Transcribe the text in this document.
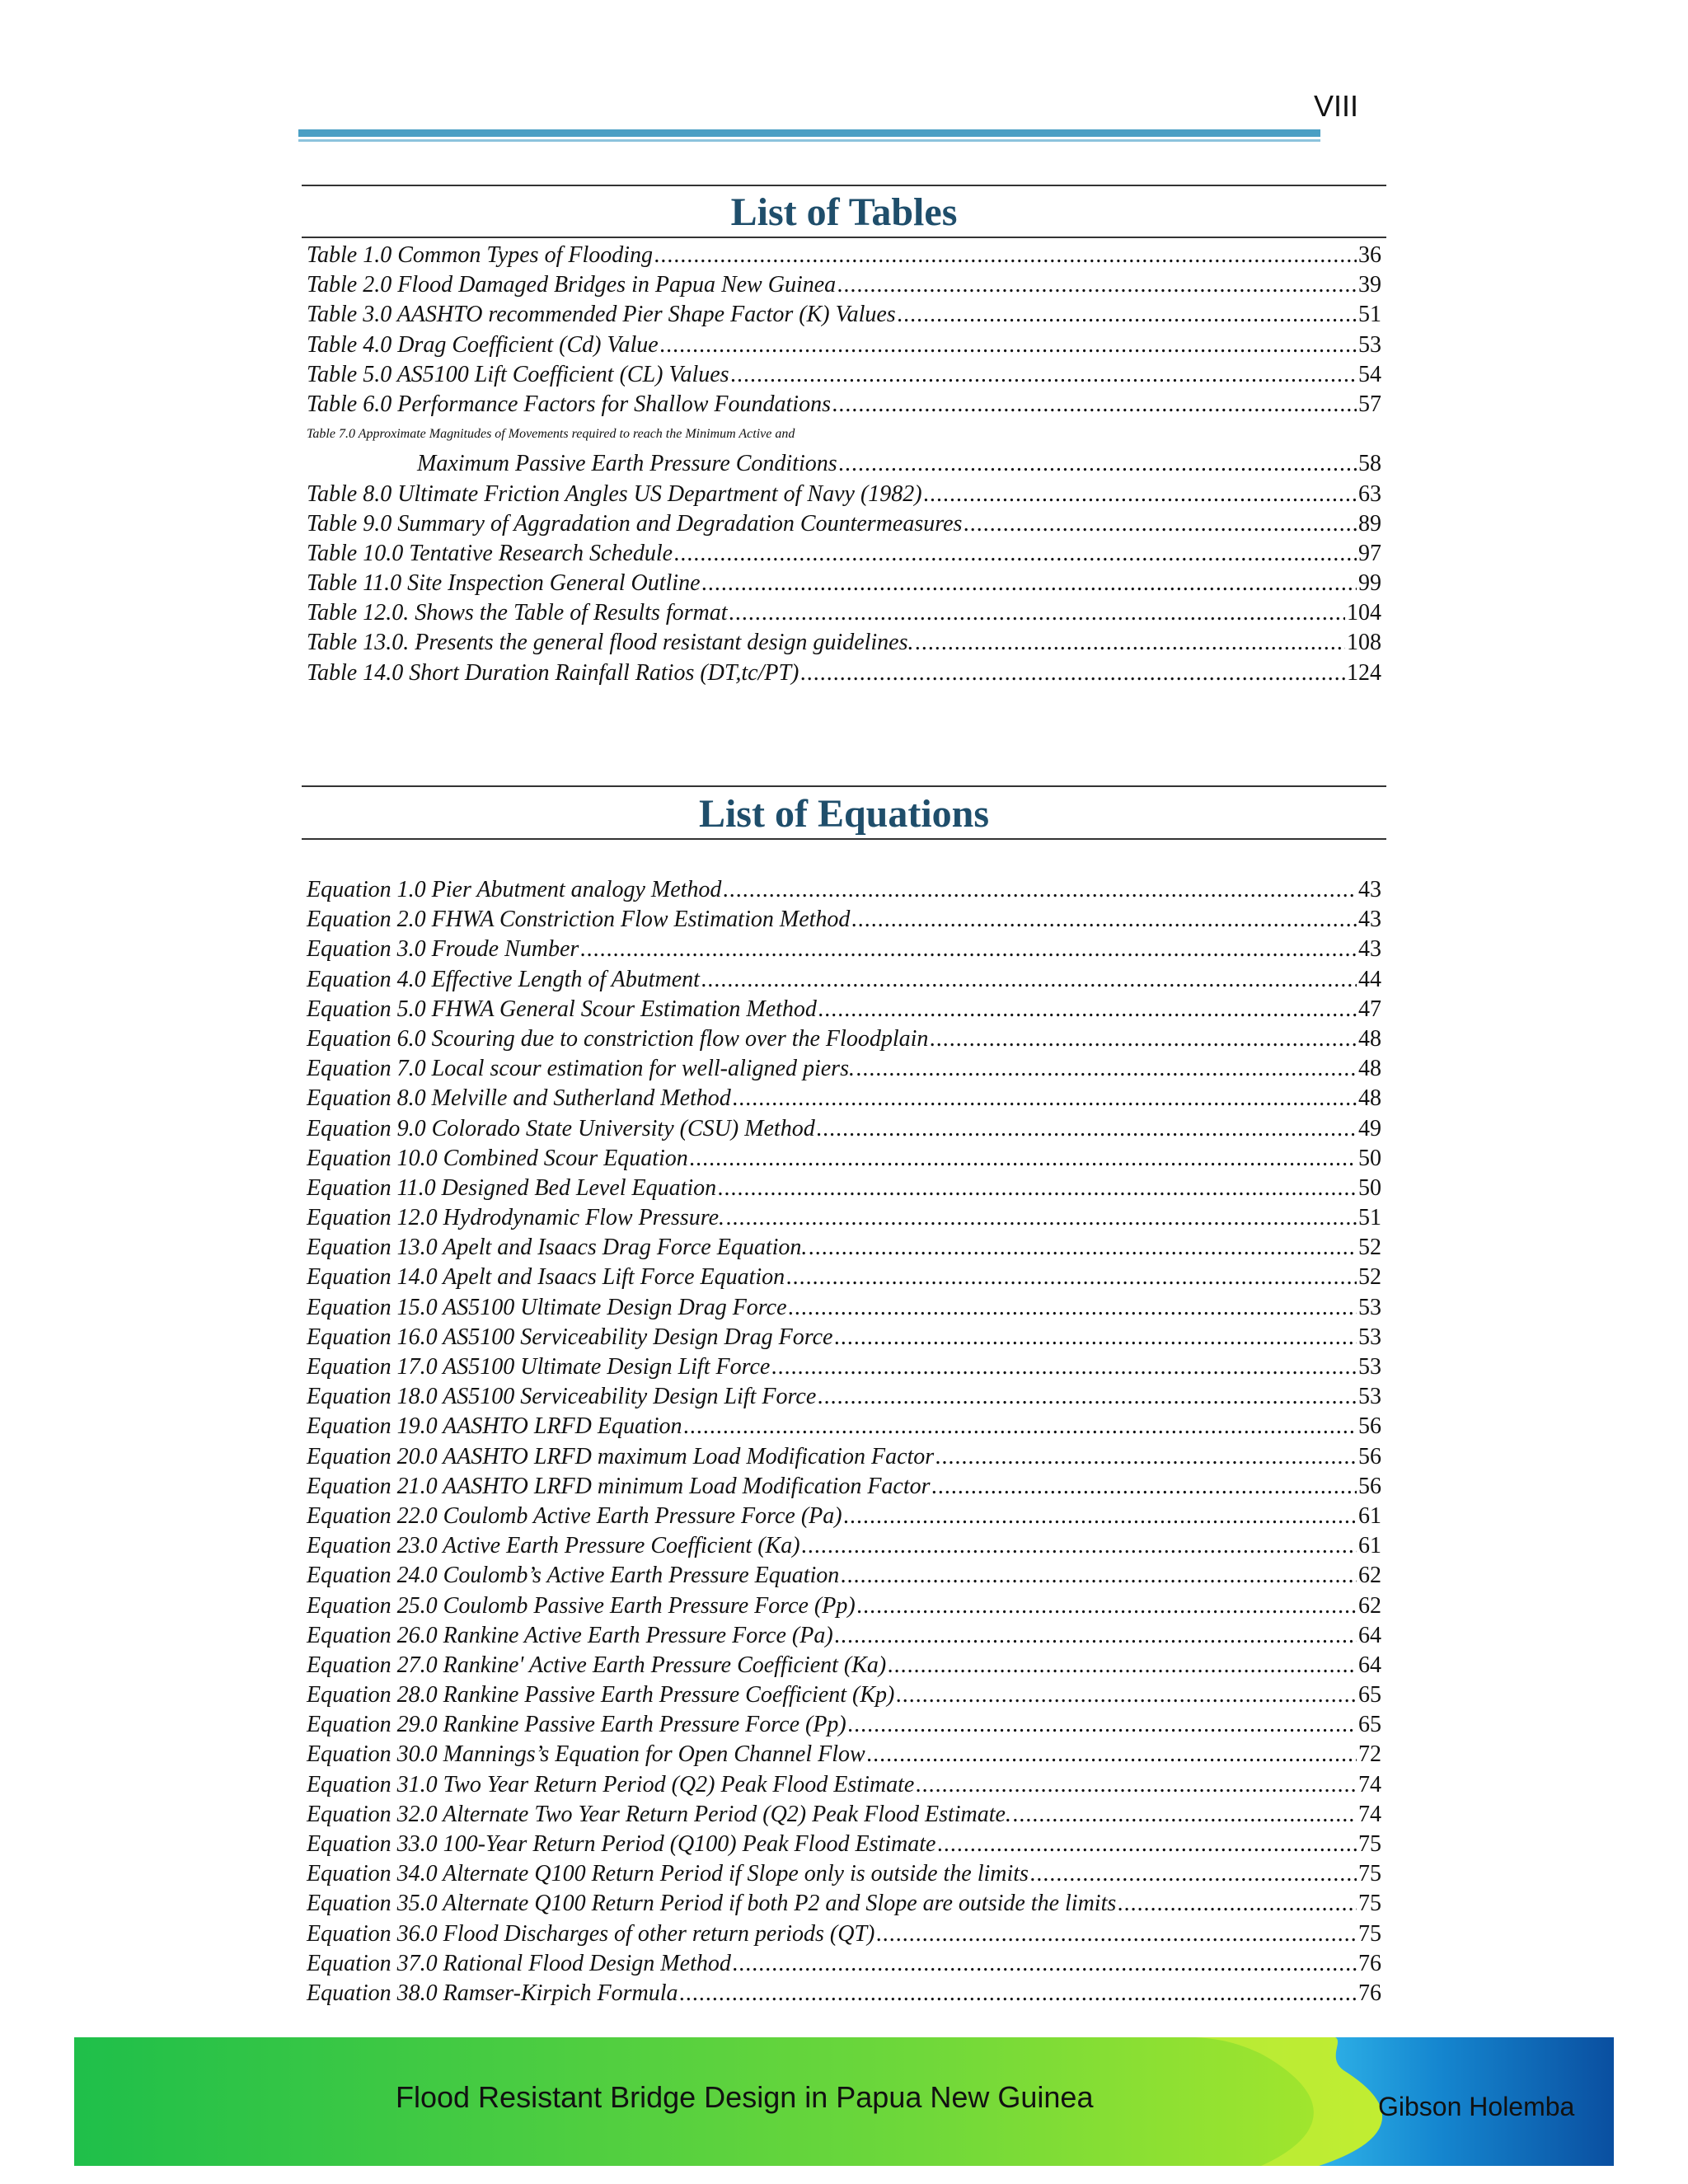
VIII
List of Tables
Table 1.0 Common Types of Flooding .....	36
Table 2.0 Flood Damaged Bridges in Papua New Guinea .....	39
Table 3.0 AASHTO recommended Pier Shape Factor (K) Values .....	51
Table 4.0 Drag Coefficient (Cd) Value .....	53
Table 5.0 AS5100 Lift Coefficient (CL) Values .....	54
Table 6.0 Performance Factors for Shallow Foundations .....	57
Table 7.0 Approximate Magnitudes of Movements required to reach the Minimum Active and
Maximum Passive Earth Pressure Conditions .....	58
Table 8.0 Ultimate Friction Angles US Department of Navy (1982) .....	63
Table 9.0 Summary of Aggradation and Degradation Countermeasures .....	89
Table 10.0 Tentative Research Schedule .....	97
Table 11.0 Site Inspection General Outline .....	99
Table 12.0. Shows the Table of Results format .....	104
Table 13.0. Presents the general flood resistant design guidelines. .....	108
Table 14.0 Short Duration Rainfall Ratios (DT,tc/PT) .....	124
List of Equations
Equation 1.0 Pier Abutment analogy Method .....	43
Equation 2.0 FHWA Constriction Flow Estimation Method .....	43
Equation 3.0 Froude Number .....	43
Equation 4.0 Effective Length of Abutment .....	44
Equation 5.0 FHWA General Scour Estimation Method .....	47
Equation 6.0 Scouring due to constriction flow over the Floodplain .....	48
Equation 7.0 Local scour estimation for well-aligned piers. .....	48
Equation 8.0 Melville and Sutherland Method .....	48
Equation 9.0 Colorado State University (CSU) Method .....	49
Equation 10.0 Combined Scour Equation .....	50
Equation 11.0 Designed Bed Level Equation .....	50
Equation 12.0 Hydrodynamic Flow Pressure. .....	51
Equation 13.0 Apelt and Isaacs Drag Force Equation. .....	52
Equation 14.0 Apelt and Isaacs Lift Force Equation .....	52
Equation 15.0 AS5100 Ultimate Design Drag Force .....	53
Equation 16.0 AS5100 Serviceability Design Drag Force .....	53
Equation 17.0 AS5100 Ultimate Design Lift Force .....	53
Equation 18.0 AS5100 Serviceability Design Lift Force .....	53
Equation 19.0 AASHTO LRFD Equation .....	56
Equation 20.0 AASHTO LRFD maximum Load Modification Factor .....	56
Equation 21.0 AASHTO LRFD minimum Load Modification Factor .....	56
Equation 22.0 Coulomb Active Earth Pressure Force (Pa) .....	61
Equation 23.0 Active Earth Pressure Coefficient (Ka) .....	61
Equation 24.0 Coulomb’s Active Earth Pressure Equation .....	62
Equation 25.0 Coulomb Passive Earth Pressure Force (Pp) .....	62
Equation 26.0 Rankine Active Earth Pressure Force (Pa) .....	64
Equation 27.0 Rankine' Active Earth Pressure Coefficient (Ka) .....	64
Equation 28.0 Rankine Passive Earth Pressure Coefficient (Kp) .....	65
Equation 29.0 Rankine Passive Earth Pressure Force (Pp) .....	65
Equation 30.0 Mannings’s Equation for Open Channel Flow .....	72
Equation 31.0 Two Year Return Period (Q2) Peak Flood Estimate .....	74
Equation 32.0 Alternate Two Year Return Period (Q2) Peak Flood Estimate. .....	74
Equation 33.0 100-Year Return Period (Q100) Peak Flood Estimate .....	75
Equation 34.0 Alternate Q100 Return Period if Slope only is outside the limits .....	75
Equation 35.0 Alternate Q100 Return Period if both P2 and Slope are outside the limits .....	75
Equation 36.0 Flood Discharges of other return periods (QT) .....	75
Equation 37.0 Rational Flood Design Method .....	76
Equation 38.0 Ramser-Kirpich Formula .....	76
Flood Resistant Bridge Design in Papua New Guinea	Gibson Holemba
